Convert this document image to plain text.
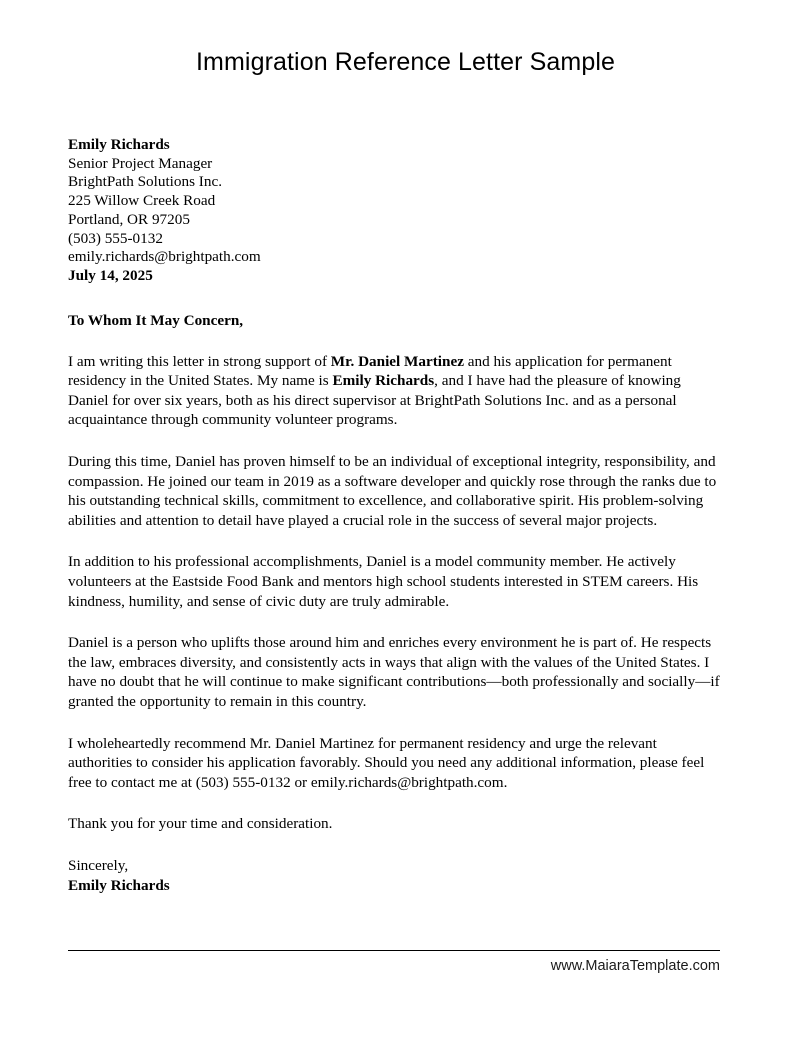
Immigration Reference Letter Sample
Emily Richards
Senior Project Manager
BrightPath Solutions Inc.
225 Willow Creek Road
Portland, OR 97205
(503) 555-0132
emily.richards@brightpath.com
July 14, 2025
To Whom It May Concern,

I am writing this letter in strong support of Mr. Daniel Martinez and his application for permanent residency in the United States. My name is Emily Richards, and I have had the pleasure of knowing Daniel for over six years, both as his direct supervisor at BrightPath Solutions Inc. and as a personal acquaintance through community volunteer programs.

During this time, Daniel has proven himself to be an individual of exceptional integrity, responsibility, and compassion. He joined our team in 2019 as a software developer and quickly rose through the ranks due to his outstanding technical skills, commitment to excellence, and collaborative spirit. His problem-solving abilities and attention to detail have played a crucial role in the success of several major projects.

In addition to his professional accomplishments, Daniel is a model community member. He actively volunteers at the Eastside Food Bank and mentors high school students interested in STEM careers. His kindness, humility, and sense of civic duty are truly admirable.

Daniel is a person who uplifts those around him and enriches every environment he is part of. He respects the law, embraces diversity, and consistently acts in ways that align with the values of the United States. I have no doubt that he will continue to make significant contributions—both professionally and socially—if granted the opportunity to remain in this country.

I wholeheartedly recommend Mr. Daniel Martinez for permanent residency and urge the relevant authorities to consider his application favorably. Should you need any additional information, please feel free to contact me at (503) 555-0132 or emily.richards@brightpath.com.

Thank you for your time and consideration.
Sincerely,
Emily Richards
www.MaiaraTemplate.com
